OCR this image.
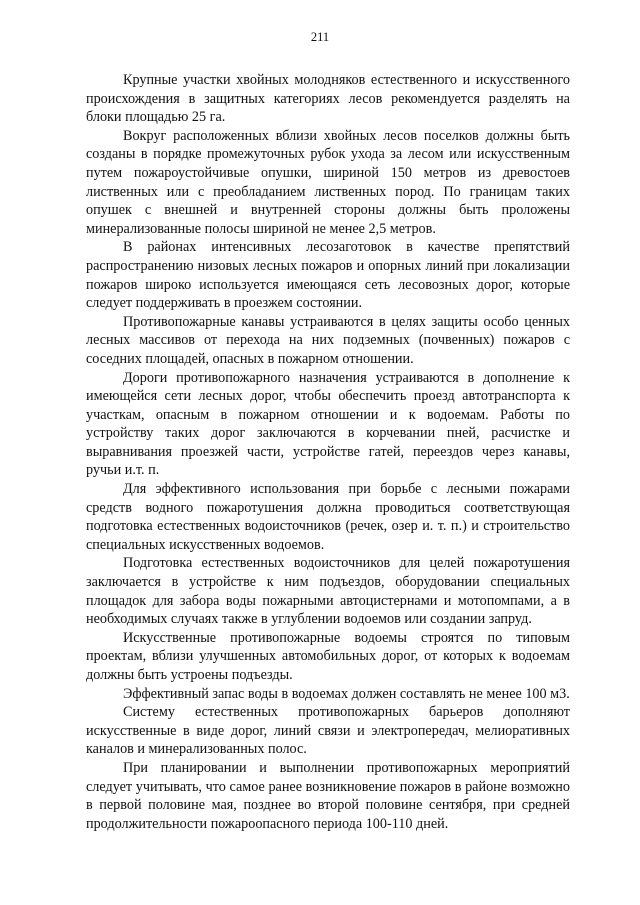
211

Крупные участки хвойных молодняков естественного и искусственного происхождения в защитных категориях лесов рекомендуется разделять на блоки площадью 25 га.

Вокруг расположенных вблизи хвойных лесов поселков должны быть созданы в порядке промежуточных рубок ухода за лесом или искусственным путем пожароустойчивые опушки, шириной 150 метров из древостоев лиственных или с преобладанием лиственных пород. По границам таких опушек с внешней и внутренней стороны должны быть проложены минерализованные полосы шириной не менее 2,5 метров.

В районах интенсивных лесозаготовок в качестве препятствий распространению низовых лесных пожаров и опорных линий при локализации пожаров широко используется имеющаяся сеть лесовозных дорог, которые следует поддерживать в проезжем состоянии.

Противопожарные канавы устраиваются в целях защиты особо ценных лесных массивов от перехода на них подземных (почвенных) пожаров с соседних площадей, опасных в пожарном отношении.

Дороги противопожарного назначения устраиваются в дополнение к имеющейся сети лесных дорог, чтобы обеспечить проезд автотранспорта к участкам, опасным в пожарном отношении и к водоемам. Работы по устройству таких дорог заключаются в корчевании пней, расчистке и выравнивания проезжей части, устройстве гатей, переездов через канавы, ручьи и.т. п.

Для эффективного использования при борьбе с лесными пожарами средств водного пожаротушения должна проводиться соответствующая подготовка естественных водоисточников (речек, озер и. т. п.) и строительство специальных искусственных водоемов.

Подготовка естественных водоисточников для целей пожаротушения заключается в устройстве к ним подъездов, оборудовании специальных площадок для забора воды пожарными автоцистернами и мотопомпами, а в необходимых случаях также в углублении водоемов или создании запруд.

Искусственные противопожарные водоемы строятся по типовым проектам, вблизи улучшенных автомобильных дорог, от которых к водоемам должны быть устроены подъезды.

Эффективный запас воды в водоемах должен составлять не менее 100 м3.

Систему естественных противопожарных барьеров дополняют искусственные в виде дорог, линий связи и электропередач, мелиоративных каналов и минерализованных полос.

При планировании и выполнении противопожарных мероприятий следует учитывать, что самое ранее возникновение пожаров в районе возможно в первой половине мая, позднее во второй половине сентября, при средней продолжительности пожароопасного периода 100-110 дней.
